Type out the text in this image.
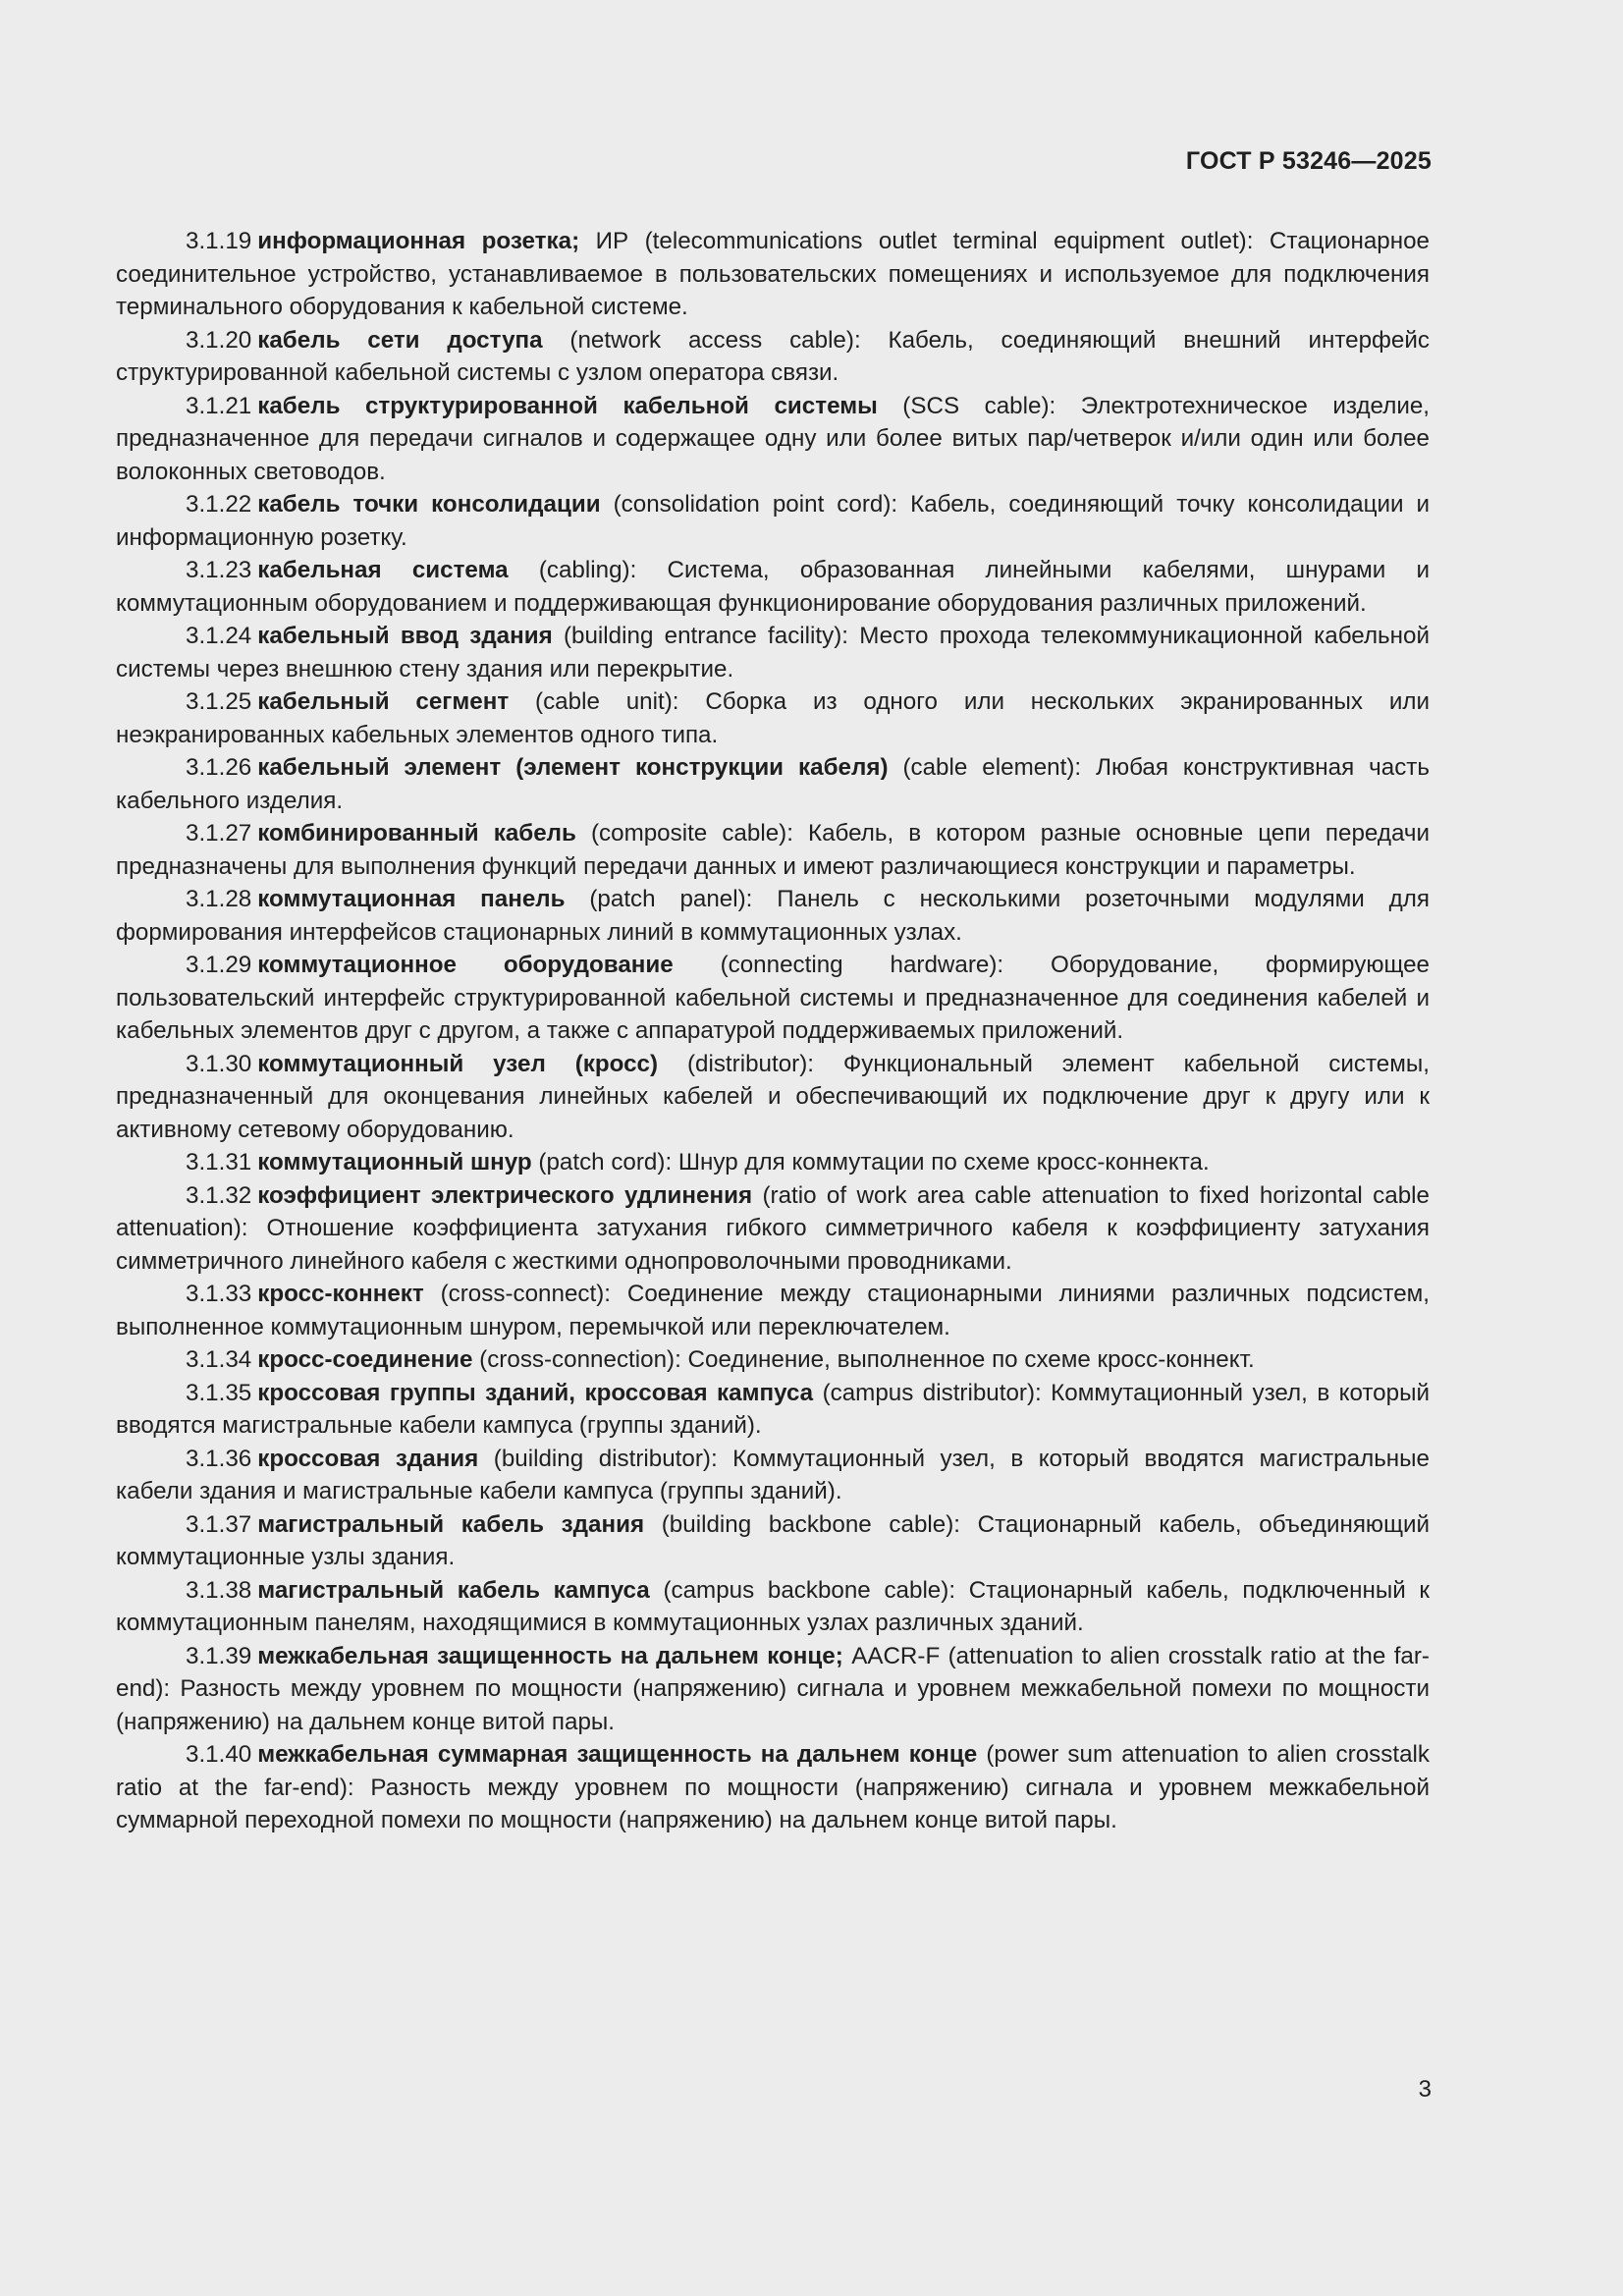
ГОСТ Р 53246—2025

3.1.19 информационная розетка; ИР (telecommunications outlet terminal equipment outlet): Стационарное соединительное устройство, устанавливаемое в пользовательских помещениях и используемое для подключения терминального оборудования к кабельной системе.

3.1.20 кабель сети доступа (network access cable): Кабель, соединяющий внешний интерфейс структурированной кабельной системы с узлом оператора связи.

3.1.21 кабель структурированной кабельной системы (SCS cable): Электротехническое изделие, предназначенное для передачи сигналов и содержащее одну или более витых пар/четверок и/или один или более волоконных световодов.

3.1.22 кабель точки консолидации (consolidation point cord): Кабель, соединяющий точку консолидации и информационную розетку.

3.1.23 кабельная система (cabling): Система, образованная линейными кабелями, шнурами и коммутационным оборудованием и поддерживающая функционирование оборудования различных приложений.

3.1.24 кабельный ввод здания (building entrance facility): Место прохода телекоммуникационной кабельной системы через внешнюю стену здания или перекрытие.

3.1.25 кабельный сегмент (cable unit): Сборка из одного или нескольких экранированных или неэкранированных кабельных элементов одного типа.

3.1.26 кабельный элемент (элемент конструкции кабеля) (cable element): Любая конструктивная часть кабельного изделия.

3.1.27 комбинированный кабель (composite cable): Кабель, в котором разные основные цепи передачи предназначены для выполнения функций передачи данных и имеют различающиеся конструкции и параметры.

3.1.28 коммутационная панель (patch panel): Панель с несколькими розеточными модулями для формирования интерфейсов стационарных линий в коммутационных узлах.

3.1.29 коммутационное оборудование (connecting hardware): Оборудование, формирующее пользовательский интерфейс структурированной кабельной системы и предназначенное для соединения кабелей и кабельных элементов друг с другом, а также с аппаратурой поддерживаемых приложений.

3.1.30 коммутационный узел (кросс) (distributor): Функциональный элемент кабельной системы, предназначенный для оконцевания линейных кабелей и обеспечивающий их подключение друг к другу или к активному сетевому оборудованию.

3.1.31 коммутационный шнур (patch cord): Шнур для коммутации по схеме кросс-коннекта.

3.1.32 коэффициент электрического удлинения (ratio of work area cable attenuation to fixed horizontal cable attenuation): Отношение коэффициента затухания гибкого симметричного кабеля к коэффициенту затухания симметричного линейного кабеля с жесткими однопроволочными проводниками.

3.1.33 кросс-коннект (cross-connect): Соединение между стационарными линиями различных подсистем, выполненное коммутационным шнуром, перемычкой или переключателем.

3.1.34 кросс-соединение (cross-connection): Соединение, выполненное по схеме кросс-коннект.

3.1.35 кроссовая группы зданий, кроссовая кампуса (campus distributor): Коммутационный узел, в который вводятся магистральные кабели кампуса (группы зданий).

3.1.36 кроссовая здания (building distributor): Коммутационный узел, в который вводятся магистральные кабели здания и магистральные кабели кампуса (группы зданий).

3.1.37 магистральный кабель здания (building backbone cable): Стационарный кабель, объединяющий коммутационные узлы здания.

3.1.38 магистральный кабель кампуса (campus backbone cable): Стационарный кабель, подключенный к коммутационным панелям, находящимися в коммутационных узлах различных зданий.

3.1.39 межкабельная защищенность на дальнем конце; AACR-F (attenuation to alien crosstalk ratio at the far-end): Разность между уровнем по мощности (напряжению) сигнала и уровнем межкабельной помехи по мощности (напряжению) на дальнем конце витой пары.

3.1.40 межкабельная суммарная защищенность на дальнем конце (power sum attenuation to alien crosstalk ratio at the far-end): Разность между уровнем по мощности (напряжению) сигнала и уровнем межкабельной суммарной переходной помехи по мощности (напряжению) на дальнем конце витой пары.

3
